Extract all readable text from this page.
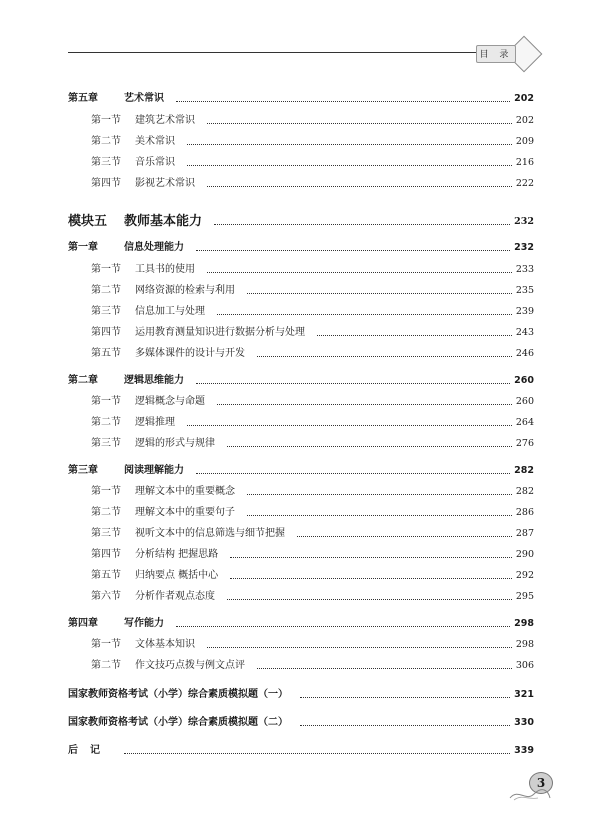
目 录
第五章	艺术常识	202
第一节	建筑艺术常识	202
第二节	美术常识	209
第三节	音乐常识	216
第四节	影视艺术常识	222
模块五	教师基本能力	232
第一章	信息处理能力	232
第一节	工具书的使用	233
第二节	网络资源的检索与利用	235
第三节	信息加工与处理	239
第四节	运用教育测量知识进行数据分析与处理	243
第五节	多媒体课件的设计与开发	246
第二章	逻辑思维能力	260
第一节	逻辑概念与命题	260
第二节	逻辑推理	264
第三节	逻辑的形式与规律	276
第三章	阅读理解能力	282
第一节	理解文本中的重要概念	282
第二节	理解文本中的重要句子	286
第三节	视听文本中的信息筛选与细节把握	287
第四节	分析结构 把握思路	290
第五节	归纳要点 概括中心	292
第六节	分析作者观点态度	295
第四章	写作能力	298
第一节	文体基本知识	298
第二节	作文技巧点拨与例文点评	306
国家教师资格考试（小学）综合素质模拟题（一）	321
国家教师资格考试（小学）综合素质模拟题（二）	330
后记	339
3
